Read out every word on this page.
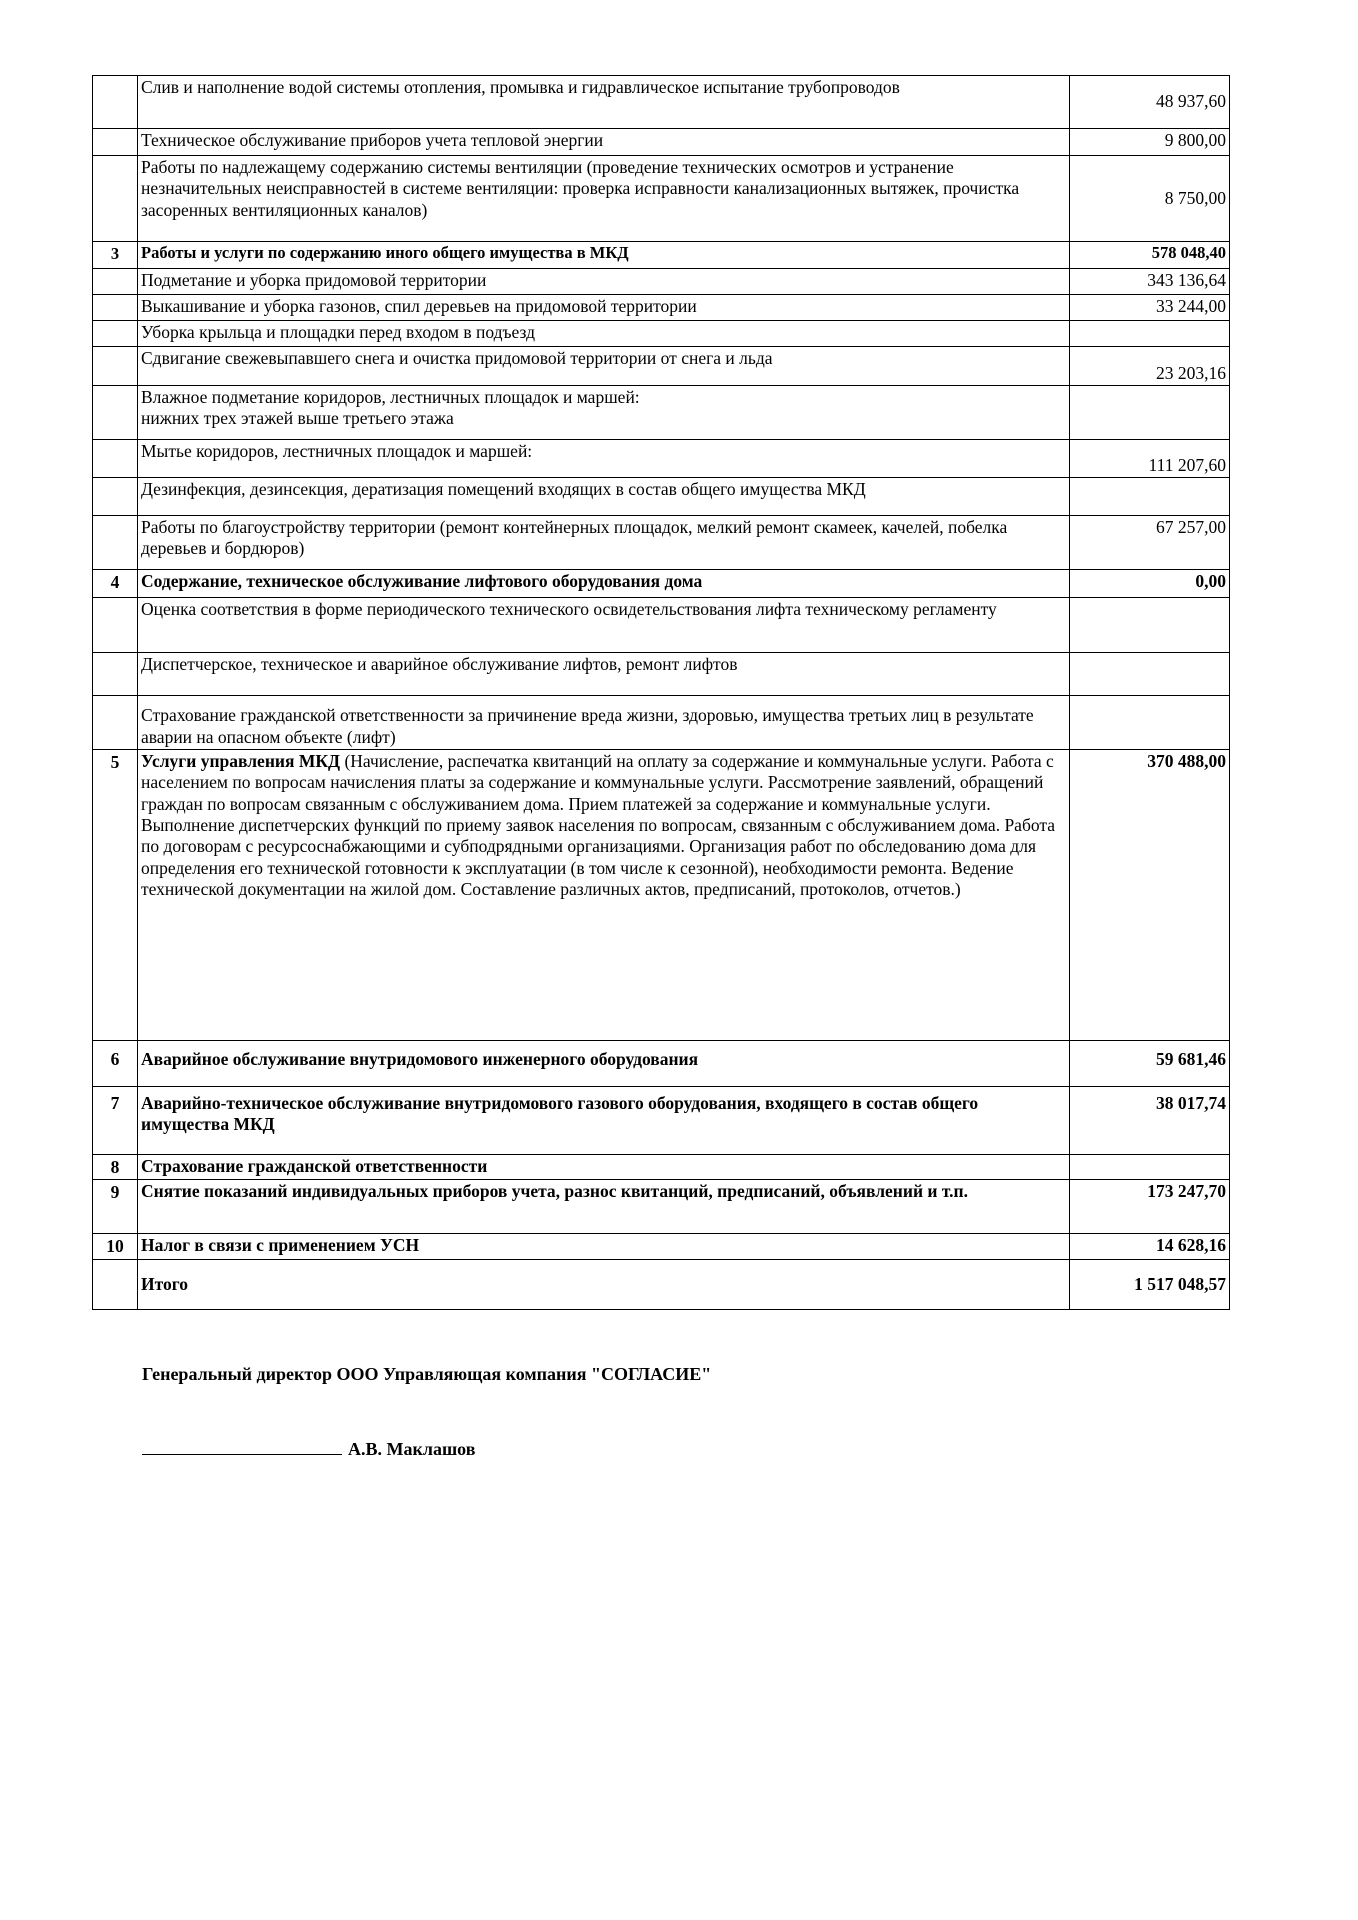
	Слив и наполнение водой системы отопления, промывка и гидравлическое испытание трубопроводов	48 937,60
	Техническое обслуживание приборов учета тепловой энергии	9 800,00
	Работы по надлежащему содержанию системы вентиляции (проведение технических осмотров и устранение незначительных неисправностей в системе вентиляции: проверка исправности канализационных вытяжек, прочистка засоренных вентиляционных каналов)	8 750,00
3	Работы и услуги по содержанию иного общего имущества в МКД	578 048,40
	Подметание и уборка придомовой территории	343 136,64
	Выкашивание и уборка газонов, спил деревьев на придомовой территории	33 244,00
	Уборка крыльца и площадки перед входом в подъезд	
	Сдвигание свежевыпавшего снега и очистка придомовой территории от снега и льда	23 203,16

	Влажное подметание коридоров, лестничных площадок и маршей:
нижних трех этажей выше третьего этажа	

	Мытье коридоров, лестничных площадок и маршей:	111 207,60
	Дезинфекция, дезинсекция, дератизация помещений входящих в состав общего имущества МКД	
	Работы по благоустройству территории (ремонт контейнерных площадок, мелкий ремонт скамеек, качелей, побелка деревьев и бордюров)	67 257,00
4	Содержание, техническое обслуживание лифтового оборудования дома	0,00
	Оценка соответствия в форме периодического технического освидетельствования лифта техническому регламенту	
	Диспетчерское, техническое и аварийное обслуживание лифтов, ремонт лифтов	
	Страхование гражданской ответственности за причинение вреда жизни, здоровью, имущества третьих лиц в результате аварии на опасном объекте (лифт)	
5	Услуги управления МКД (Начисление, распечатка квитанций на оплату за содержание и коммунальные услуги. Работа с населением по вопросам начисления платы за содержание и коммунальные услуги. Рассмотрение заявлений, обращений граждан по вопросам связанным с обслуживанием дома. Прием платежей за содержание и коммунальные услуги. Выполнение диспетчерских функций по приему заявок населения по вопросам, связанным с обслуживанием дома. Работа по договорам с ресурсоснабжающими и субподрядными организациями. Организация работ по обследованию дома для определения его технической готовности к эксплуатации (в том числе к сезонной), необходимости ремонта. Ведение технической документации на жилой дом. Составление различных актов, предписаний, протоколов, отчетов.)	370 488,00
6	Аварийное обслуживание внутридомового инженерного оборудования	59 681,46
7	Аварийно-техническое обслуживание внутридомового газового оборудования, входящего в состав общего имущества МКД	38 017,74
8	Страхование гражданской ответственности	
9	Снятие показаний индивидуальных приборов учета, разнос квитанций, предписаний, объявлений и т.п.	173 247,70
10	Налог в связи с применением УСН	14 628,16
	Итого	1 517 048,57
Генеральный директор ООО Управляющая компания "СОГЛАСИЕ"
А.В. Маклашов
